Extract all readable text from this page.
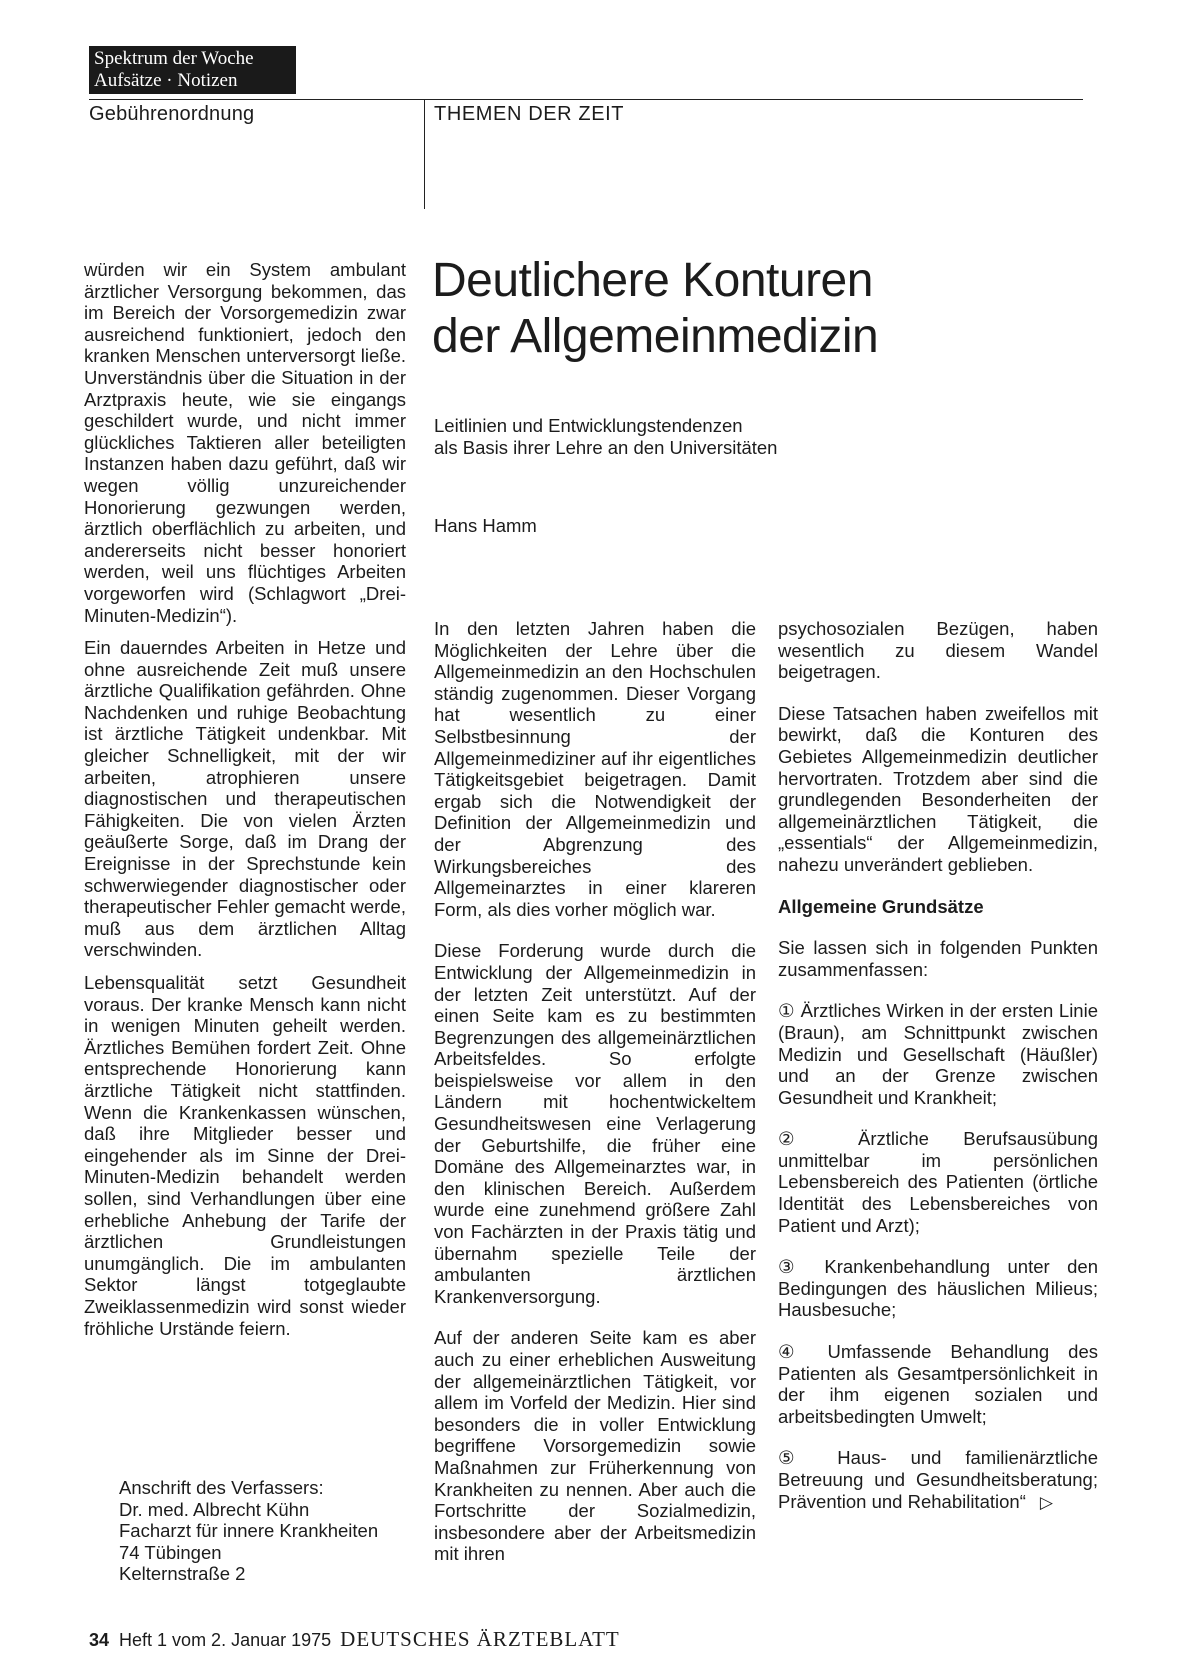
Spektrum der Woche
Aufsätze · Notizen
Gebührenordnung	THEMEN DER ZEIT

würden wir ein System ambulant ärztlicher Versorgung bekommen, das im Bereich der Vorsorgemedizin zwar ausreichend funktioniert, jedoch den kranken Menschen unterversorgt ließe. Unverständnis über die Situation in der Arztpraxis heute, wie sie eingangs geschildert wurde, und nicht immer glückliches Taktieren aller beteiligten Instanzen haben dazu geführt, daß wir wegen völlig unzureichender Honorierung gezwungen werden, ärztlich oberflächlich zu arbeiten, und andererseits nicht besser honoriert werden, weil uns flüchtiges Arbeiten vorgeworfen wird (Schlagwort „Drei-Minuten-Medizin“).

Ein dauerndes Arbeiten in Hetze und ohne ausreichende Zeit muß unsere ärztliche Qualifikation gefährden. Ohne Nachdenken und ruhige Beobachtung ist ärztliche Tätigkeit undenkbar. Mit gleicher Schnelligkeit, mit der wir arbeiten, atrophieren unsere diagnostischen und therapeutischen Fähigkeiten. Die von vielen Ärzten geäußerte Sorge, daß im Drang der Ereignisse in der Sprechstunde kein schwerwiegender diagnostischer oder therapeutischer Fehler gemacht werde, muß aus dem ärztlichen Alltag verschwinden.

Lebensqualität setzt Gesundheit voraus. Der kranke Mensch kann nicht in wenigen Minuten geheilt werden. Ärztliches Bemühen fordert Zeit. Ohne entsprechende Honorierung kann ärztliche Tätigkeit nicht stattfinden. Wenn die Krankenkassen wünschen, daß ihre Mitglieder besser und eingehender als im Sinne der Drei-Minuten-Medizin behandelt werden sollen, sind Verhandlungen über eine erhebliche Anhebung der Tarife der ärztlichen Grundleistungen unumgänglich. Die im ambulanten Sektor längst totgeglaubte Zweiklassenmedizin wird sonst wieder fröhliche Urstände feiern.

Anschrift des Verfassers:
Dr. med. Albrecht Kühn
Facharzt für innere Krankheiten
74 Tübingen
Kelternstraße 2
Deutlichere Konturen
der Allgemeinmedizin
Leitlinien und Entwicklungstendenzen
als Basis ihrer Lehre an den Universitäten
Hans Hamm

In den letzten Jahren haben die Möglichkeiten der Lehre über die Allgemeinmedizin an den Hochschulen ständig zugenommen. Dieser Vorgang hat wesentlich zu einer Selbstbesinnung der Allgemeinmediziner auf ihr eigentliches Tätigkeitsgebiet beigetragen. Damit ergab sich die Notwendigkeit der Definition der Allgemeinmedizin und der Abgrenzung des Wirkungsbereiches des Allgemeinarztes in einer klareren Form, als dies vorher möglich war.

Diese Forderung wurde durch die Entwicklung der Allgemeinmedizin in der letzten Zeit unterstützt. Auf der einen Seite kam es zu bestimmten Begrenzungen des allgemeinärztlichen Arbeitsfeldes. So erfolgte beispielsweise vor allem in den Ländern mit hochentwickeltem Gesundheitswesen eine Verlagerung der Geburtshilfe, die früher eine Domäne des Allgemeinarztes war, in den klinischen Bereich. Außerdem wurde eine zunehmend größere Zahl von Fachärzten in der Praxis tätig und übernahm spezielle Teile der ambulanten ärztlichen Krankenversorgung.

Auf der anderen Seite kam es aber auch zu einer erheblichen Ausweitung der allgemeinärztlichen Tätigkeit, vor allem im Vorfeld der Medizin. Hier sind besonders die in voller Entwicklung begriffene Vorsorgemedizin sowie Maßnahmen zur Früherkennung von Krankheiten zu nennen. Aber auch die Fortschritte der Sozialmedizin, insbesondere aber der Arbeitsmedizin mit ihren

psychosozialen Bezügen, haben wesentlich zu diesem Wandel beigetragen.

Diese Tatsachen haben zweifellos mit bewirkt, daß die Konturen des Gebietes Allgemeinmedizin deutlicher hervortraten. Trotzdem aber sind die grundlegenden Besonderheiten der allgemeinärztlichen Tätigkeit, die „essentials“ der Allgemeinmedizin, nahezu unverändert geblieben.

Allgemeine Grundsätze

Sie lassen sich in folgenden Punkten zusammenfassen:

① Ärztliches Wirken in der ersten Linie (Braun), am Schnittpunkt zwischen Medizin und Gesellschaft (Häußler) und an der Grenze zwischen Gesundheit und Krankheit;

② Ärztliche Berufsausübung unmittelbar im persönlichen Lebensbereich des Patienten (örtliche Identität des Lebensbereiches von Patient und Arzt);

③ Krankenbehandlung unter den Bedingungen des häuslichen Milieus; Hausbesuche;

④ Umfassende Behandlung des Patienten als Gesamtpersönlichkeit in der ihm eigenen sozialen und arbeitsbedingten Umwelt;

⑤ Haus- und familienärztliche Betreuung und Gesundheitsberatung; Prävention und Rehabilitation“ ▷

34 Heft 1 vom 2. Januar 1975 DEUTSCHES ÄRZTEBLATT
